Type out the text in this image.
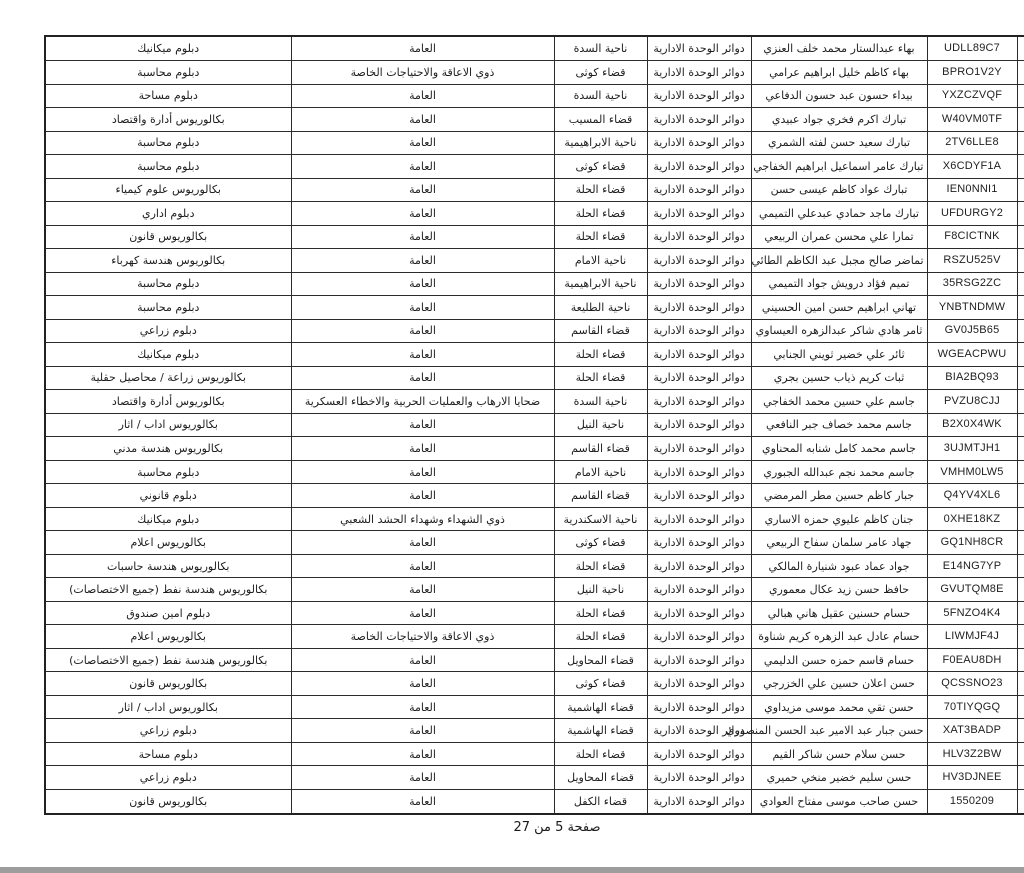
	UDLL89C7	بهاء عبدالستار محمد خلف العنزي	دوائر الوحدة الادارية	ناحية السدة	العامة	دبلوم ميكانيك
	BPRO1V2Y	بهاء كاظم خليل ابراهيم عرامي	دوائر الوحدة الادارية	قضاء كوثى	ذوي الاعاقة والاحتياجات الخاصة	دبلوم محاسبة
	YXZCZVQF	بيداء حسون عبد حسون الدفاعي	دوائر الوحدة الادارية	ناحية السدة	العامة	دبلوم مساحة
	W40VM0TF	تبارك اكرم فخري جواد عبيدي	دوائر الوحدة الادارية	قضاء المسيب	العامة	بكالوريوس أدارة واقتصاد
	2TV6LLE8	تبارك سعيد حسن لفته الشمري	دوائر الوحدة الادارية	ناحية الابراهيمية	العامة	دبلوم محاسبة
	X6CDYF1A	تبارك عامر اسماعيل ابراهيم الخفاجي	دوائر الوحدة الادارية	قضاء كوثى	العامة	دبلوم محاسبة
	IEN0NNI1	تبارك عواد كاظم عيسى حسن	دوائر الوحدة الادارية	قضاء الحلة	العامة	بكالوريوس علوم كيمياء
	UFDURGY2	تبارك ماجد حمادي عبدعلي التميمي	دوائر الوحدة الادارية	قضاء الحلة	العامة	دبلوم اداري
	F8CICTNK	تمارا علي محسن عمران الربيعي	دوائر الوحدة الادارية	قضاء الحلة	العامة	بكالوريوس قانون
	RSZU525V	تماضر صالح مجبل عبد الكاظم الطائي	دوائر الوحدة الادارية	ناحية الامام	العامة	بكالوريوس هندسة كهرباء
	35RSG2ZC	تميم فؤاد درويش جواد التميمي	دوائر الوحدة الادارية	ناحية الابراهيمية	العامة	دبلوم محاسبة
	YNBTNDMW	تهاني ابراهيم حسن امين الحسيني	دوائر الوحدة الادارية	ناحية الطليعة	العامة	دبلوم محاسبة
	GV0J5B65	ثامر هادي شاكر عبدالزهره العيساوي	دوائر الوحدة الادارية	قضاء القاسم	العامة	دبلوم زراعي
	WGEACPWU	ثائر علي خضير ثويني الجنابي	دوائر الوحدة الادارية	قضاء الحلة	العامة	دبلوم ميكانيك
	BIA2BQ93	ثبات كريم ذياب حسين بجري	دوائر الوحدة الادارية	قضاء الحلة	العامة	بكالوريوس زراعة / محاصيل حقلية
	PVZU8CJJ	جاسم علي حسين محمد الخفاجي	دوائر الوحدة الادارية	ناحية السدة	ضحايا الارهاب والعمليات الحربية والاخطاء العسكرية	بكالوريوس أدارة واقتصاد
	B2X0X4WK	جاسم محمد خصاف جبر النافعي	دوائر الوحدة الادارية	ناحية النيل	العامة	بكالوريوس اداب / اثار
	3UJMTJH1	جاسم محمد كامل شنابه المحناوي	دوائر الوحدة الادارية	قضاء القاسم	العامة	بكالوريوس هندسة مدني
	VMHM0LW5	جاسم محمد نجم عبدالله الجبوري	دوائر الوحدة الادارية	ناحية الامام	العامة	دبلوم محاسبة
	Q4YV4XL6	جبار كاظم حسين مطر المرمضي	دوائر الوحدة الادارية	قضاء القاسم	العامة	دبلوم قانوني
	0XHE18KZ	جنان كاظم عليوي حمزه الاساري	دوائر الوحدة الادارية	ناحية الاسكندرية	ذوي الشهداء وشهداء الحشد الشعبي	دبلوم ميكانيك
	GQ1NH8CR	جهاد عامر سلمان سفاح الربيعي	دوائر الوحدة الادارية	قضاء كوثى	العامة	بكالوريوس اعلام
	E14NG7YP	جواد عماد عبود شنيارة المالكي	دوائر الوحدة الادارية	قضاء الحلة	العامة	بكالوريوس هندسة حاسبات
	GVUTQM8E	حافظ حسن زيد عكال معموري	دوائر الوحدة الادارية	ناحية النيل	العامة	بكالوريوس هندسة نفط (جميع الاختصاصات)
	5FNZO4K4	حسام حسنين عقيل هاني هبالي	دوائر الوحدة الادارية	قضاء الحلة	العامة	دبلوم امين صندوق
	LIWMJF4J	حسام عادل عبد الزهره كريم شناوة	دوائر الوحدة الادارية	قضاء الحلة	ذوي الاعاقة والاحتياجات الخاصة	بكالوريوس اعلام
	F0EAU8DH	حسام قاسم حمزه حسن الدليمي	دوائر الوحدة الادارية	قضاء المحاويل	العامة	بكالوريوس هندسة نفط (جميع الاختصاصات)
	QCSSNO23	حسن اعلان حسين علي الخزرجي	دوائر الوحدة الادارية	قضاء كوثى	العامة	بكالوريوس قانون
	70TIYQGQ	حسن تقي محمد موسى مزيداوي	دوائر الوحدة الادارية	قضاء الهاشمية	العامة	بكالوريوس اداب / اثار
	XAT3BADP	حسن جبار عبد الامير عبد الحسن المنصوري	دوائر الوحدة الادارية	قضاء الهاشمية	العامة	دبلوم زراعي
	HLV3Z2BW	حسن سلام حسن شاكر القيم	دوائر الوحدة الادارية	قضاء الحلة	العامة	دبلوم مساحة
	HV3DJNEE	حسن سليم خضير منخي حميري	دوائر الوحدة الادارية	قضاء المحاويل	العامة	دبلوم زراعي
	1550209	حسن صاحب موسى مفتاح العوادي	دوائر الوحدة الادارية	قضاء الكفل	العامة	بكالوريوس قانون
صفحة 5 من 27
